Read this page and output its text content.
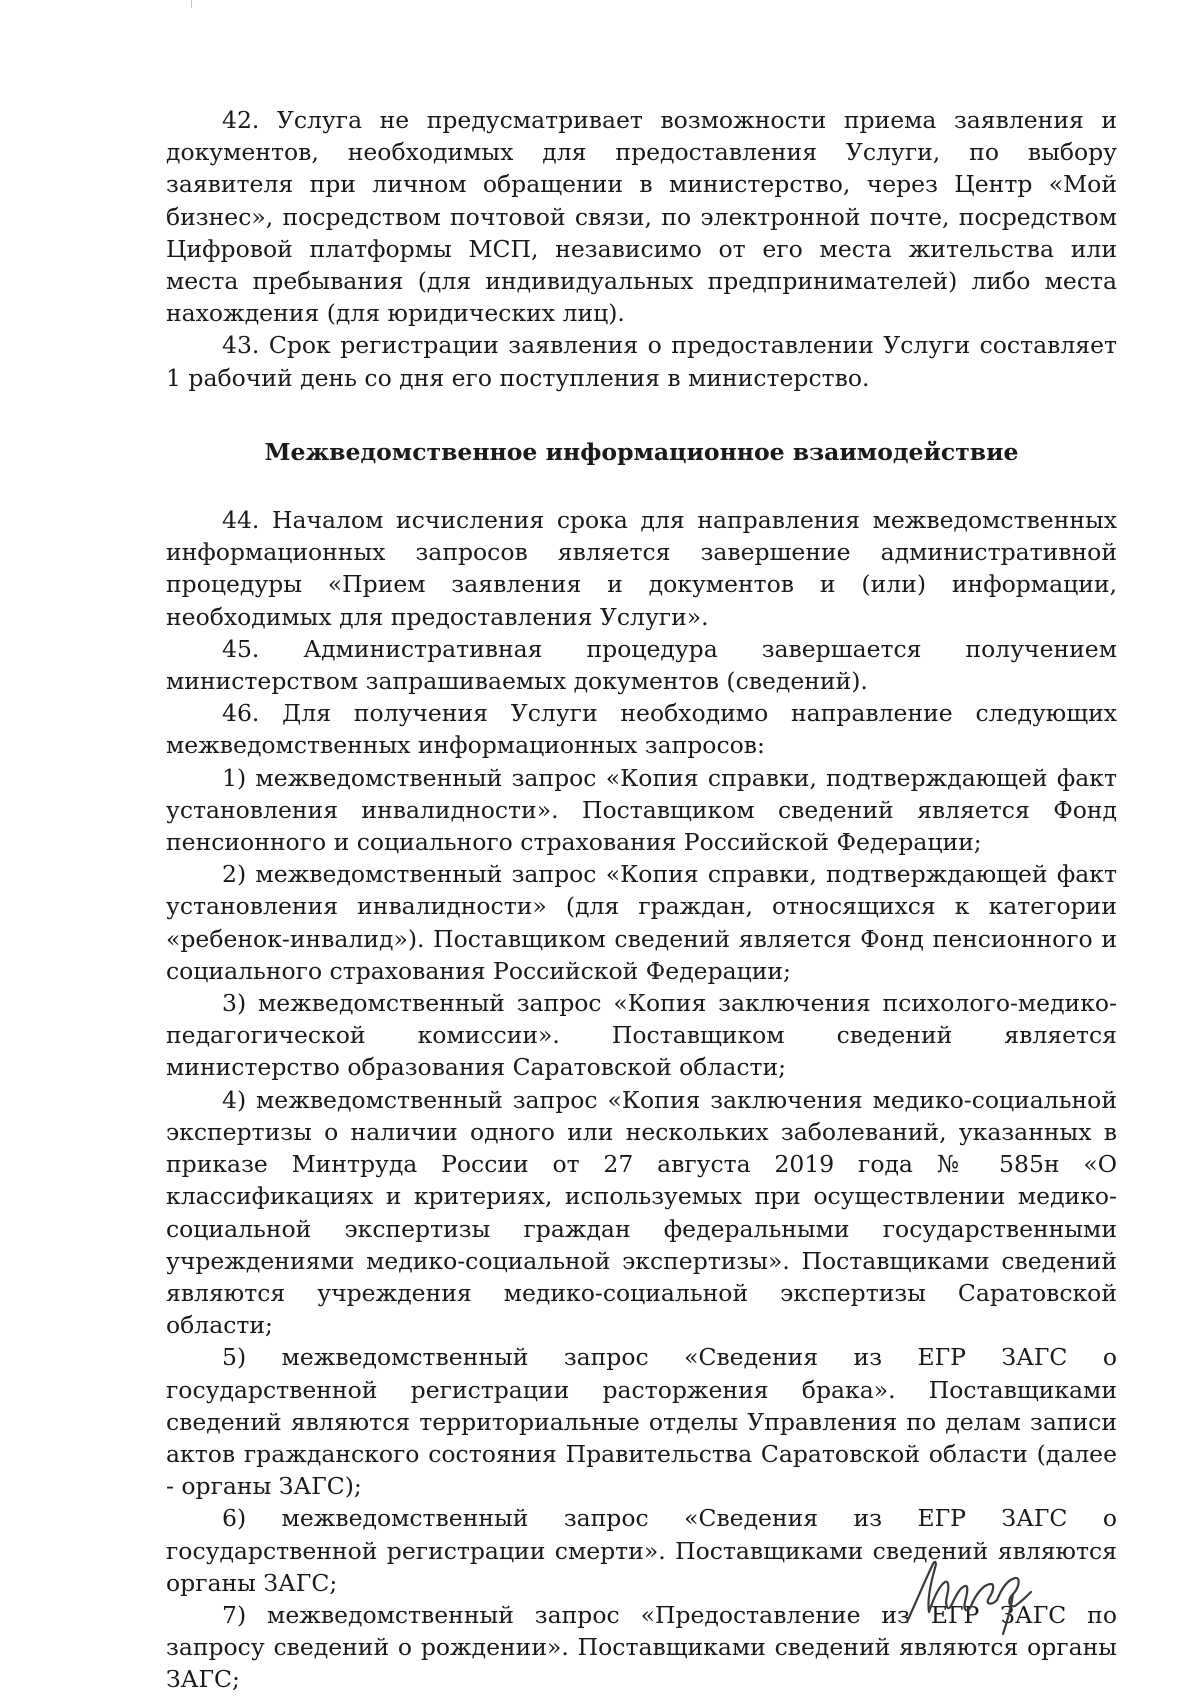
42. Услуга не предусматривает возможности приема заявления и документов, необходимых для предоставления Услуги, по выбору заявителя при личном обращении в министерство, через Центр «Мой бизнес», посредством почтовой связи, по электронной почте, посредством Цифровой платформы МСП, независимо от его места жительства или места пребывания (для индивидуальных предпринимателей) либо места нахождения (для юридических лиц).

43. Срок регистрации заявления о предоставлении Услуги составляет 1 рабочий день со дня его поступления в министерство.

Межведомственное информационное взаимодействие

44. Началом исчисления срока для направления межведомственных информационных запросов является завершение административной процедуры «Прием заявления и документов и (или) информации, необходимых для предоставления Услуги».

45. Административная процедура завершается получением министерством запрашиваемых документов (сведений).

46. Для получения Услуги необходимо направление следующих межведомственных информационных запросов:

1) межведомственный запрос «Копия справки, подтверждающей факт установления инвалидности». Поставщиком сведений является Фонд пенсионного и социального страхования Российской Федерации;

2) межведомственный запрос «Копия справки, подтверждающей факт установления инвалидности» (для граждан, относящихся к категории «ребенок-инвалид»). Поставщиком сведений является Фонд пенсионного и социального страхования Российской Федерации;

3) межведомственный запрос «Копия заключения психолого-медико-педагогической комиссии». Поставщиком сведений является министерство образования Саратовской области;

4) межведомственный запрос «Копия заключения медико-социальной экспертизы о наличии одного или нескольких заболеваний, указанных в приказе Минтруда России от 27 августа 2019 года № 585н «О классификациях и критериях, используемых при осуществлении медико-социальной экспертизы граждан федеральными государственными учреждениями медико-социальной экспертизы». Поставщиками сведений являются учреждения медико-социальной экспертизы Саратовской области;

5) межведомственный запрос «Сведения из ЕГР ЗАГС о государственной регистрации расторжения брака». Поставщиками сведений являются территориальные отделы Управления по делам записи актов гражданского состояния Правительства Саратовской области (далее - органы ЗАГС);

6) межведомственный запрос «Сведения из ЕГР ЗАГС о государственной регистрации смерти». Поставщиками сведений являются органы ЗАГС;

7) межведомственный запрос «Предоставление из ЕГР ЗАГС по запросу сведений о рождении». Поставщиками сведений являются органы ЗАГС;
